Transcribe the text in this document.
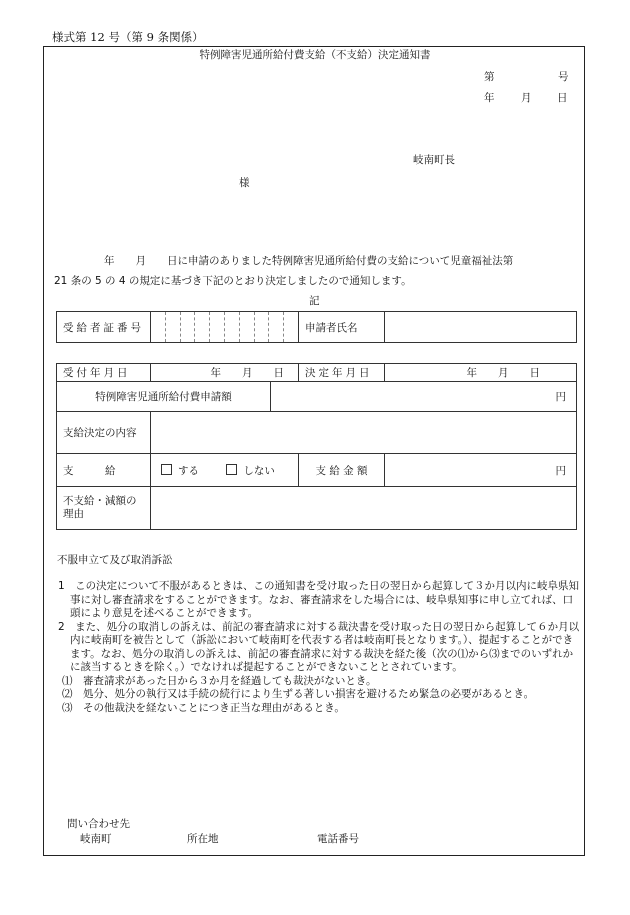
様式第 12 号（第 9 条関係）
特例障害児通所給付費支給（不支給）決定通知書
第	号
年	月 日
岐南町長
様
年　　月　　日に申請のありました特例障害児通所給付費の支給について児童福祉法第
21 条の 5 の 4 の規定に基づき下記のとおり決定しましたので通知します。
記
受給者証番号		申請者氏名	
受付年月日	年　　月　　日		決定年月日	年　　月　　日
特例障害児通所給付費申請額		円		
支給決定の内容				
支　　　給	する しない		支 給 金 額	円
不支給・減額の理由				
不服申立て及び取消訴訟

1　この決定について不服があるときは、この通知書を受け取った日の翌日から起算して３か月以内に岐阜県知事に対し審査請求をすることができます。なお、審査請求をした場合には、岐阜県知事に申し立てれば、口頭により意見を述べることができます。

2　また、処分の取消しの訴えは、前記の審査請求に対する裁決書を受け取った日の翌日から起算して６か月以内に岐南町を被告として（訴訟において岐南町を代表する者は岐南町長となります。）、提起することができます。なお、処分の取消しの訴えは、前記の審査請求に対する裁決を経た後（次の⑴から⑶までのいずれかに該当するときを除く。）でなければ提起することができないこととされています。

⑴　審査請求があった日から３か月を経過しても裁決がないとき。

⑵　処分、処分の執行又は手続の続行により生ずる著しい損害を避けるため緊急の必要があるとき。

⑶　その他裁決を経ないことにつき正当な理由があるとき。

問い合わせ先
岐南町	所在地	電話番号
